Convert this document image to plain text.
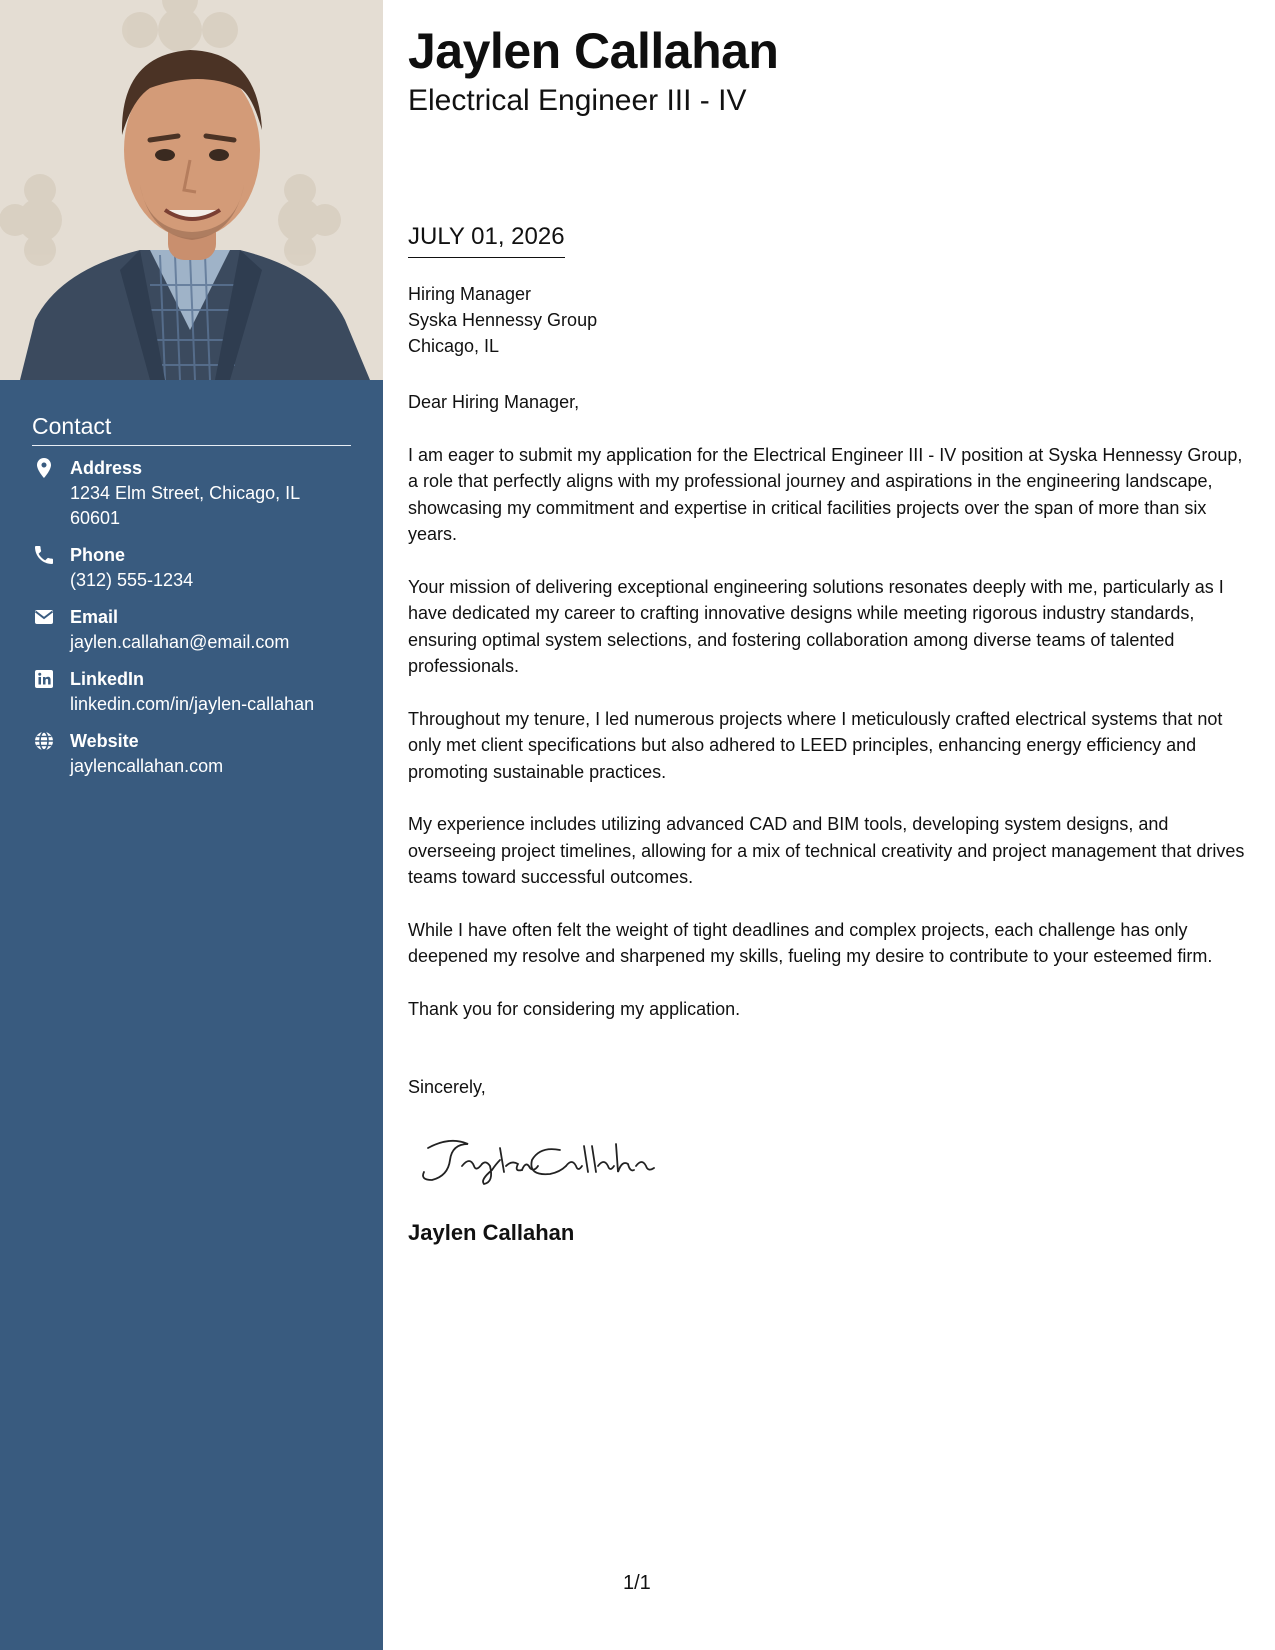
Contact
Address
1234 Elm Street, Chicago, IL 60601
Phone
(312) 555-1234
Email
jaylen.callahan@email.com
LinkedIn
linkedin.com/in/jaylen-callahan
Website
jaylencallahan.com
Jaylen Callahan
Electrical Engineer III - IV
JULY 01, 2026
Hiring Manager
Syska Hennessy Group
Chicago, IL

Dear Hiring Manager,

I am eager to submit my application for the Electrical Engineer III - IV position at Syska Hennessy Group, a role that perfectly aligns with my professional journey and aspirations in the engineering landscape, showcasing my commitment and expertise in critical facilities projects over the span of more than six years.

Your mission of delivering exceptional engineering solutions resonates deeply with me, particularly as I have dedicated my career to crafting innovative designs while meeting rigorous industry standards, ensuring optimal system selections, and fostering collaboration among diverse teams of talented professionals.

Throughout my tenure, I led numerous projects where I meticulously crafted electrical systems that not only met client specifications but also adhered to LEED principles, enhancing energy efficiency and promoting sustainable practices.

My experience includes utilizing advanced CAD and BIM tools, developing system designs, and overseeing project timelines, allowing for a mix of technical creativity and project management that drives teams toward successful outcomes.

While I have often felt the weight of tight deadlines and complex projects, each challenge has only deepened my resolve and sharpened my skills, fueling my desire to contribute to your esteemed firm.

Thank you for considering my application.

Sincerely,
Jaylen Callahan
1/1
